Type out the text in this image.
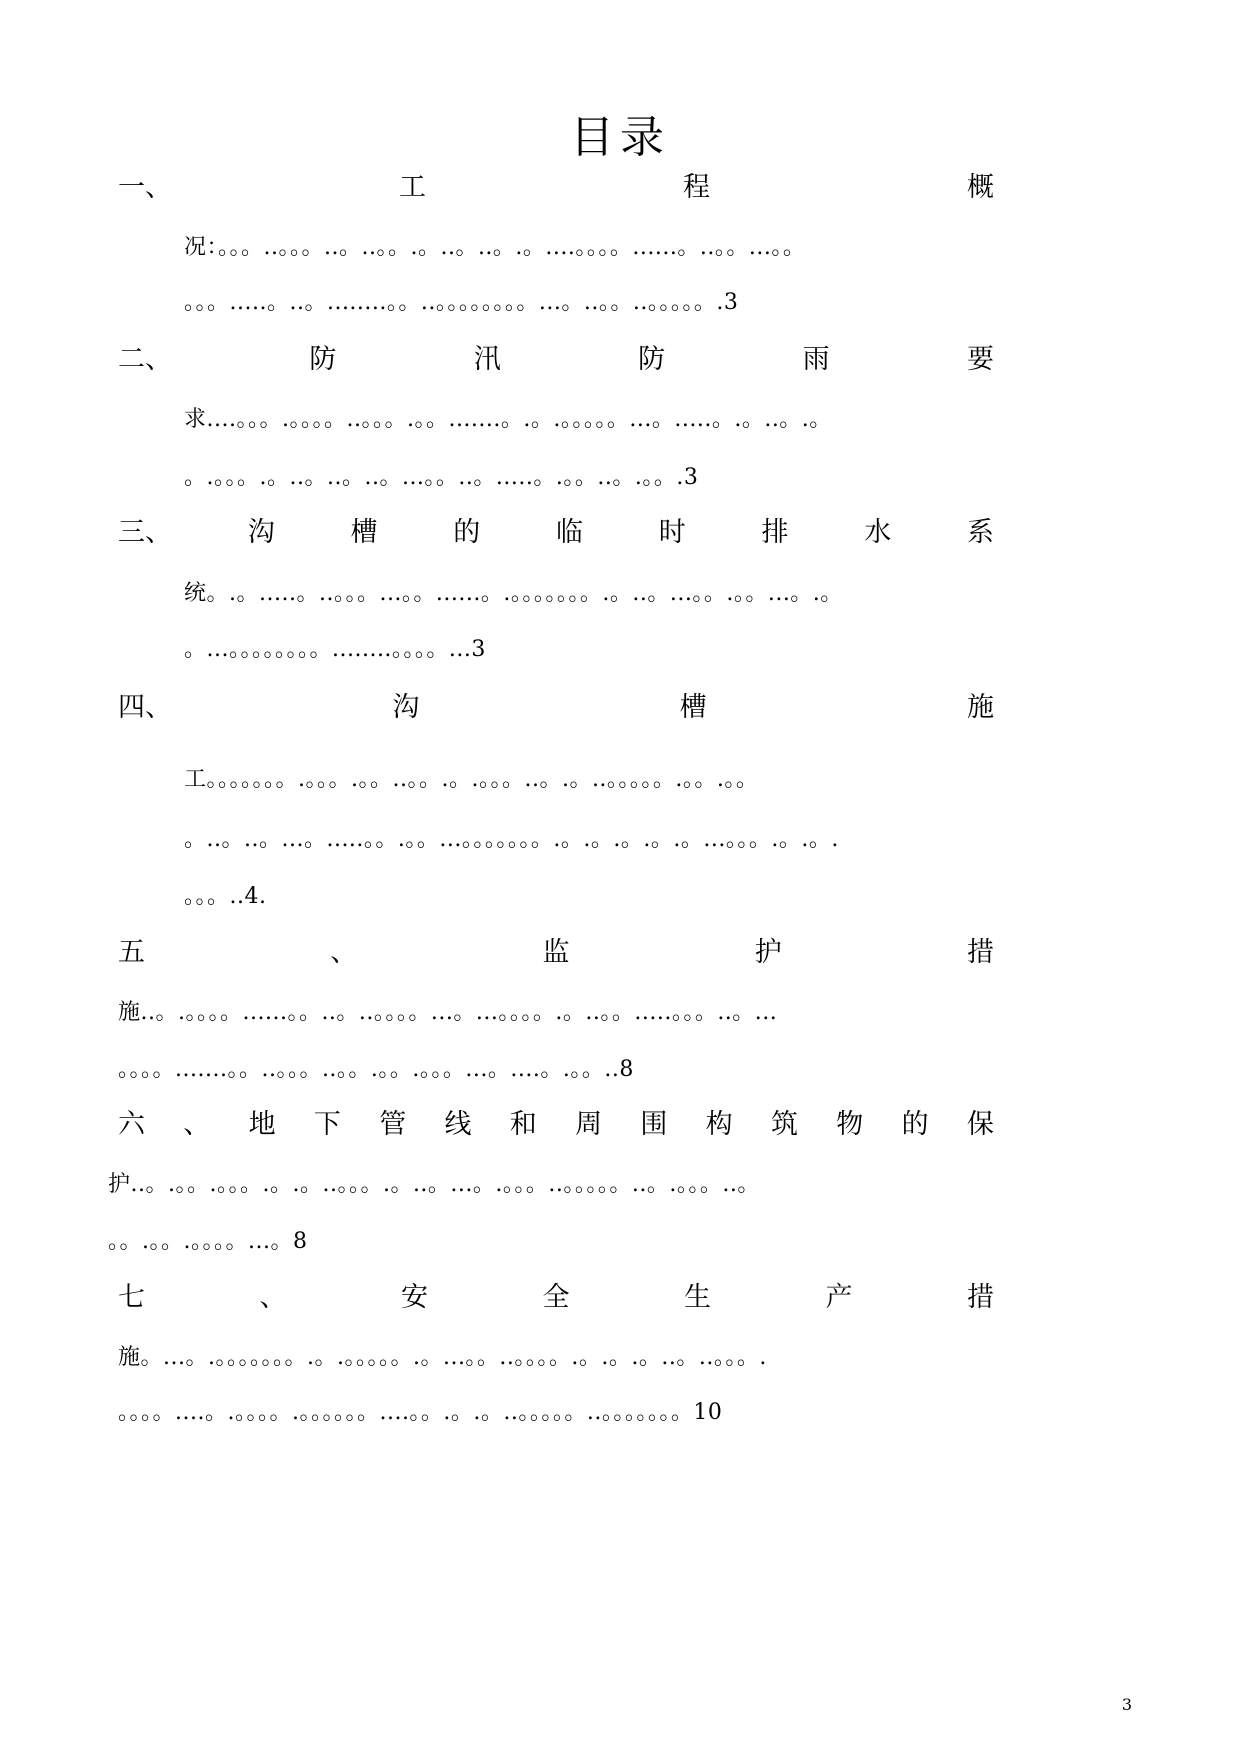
目录
一、	工	程	概
况：。。。..。。。..。..。。.。..。..。.。....。。。。......。..。。...。。
。。。.....。..。........。。..。。。。。。。。...。..。。..。。。。。.3
二、	防	汛	防	雨	要
求....。。。.。。。。..。。。.。。.......。.。.。。。。。...。.....。.。..。.。
。.。。。.。..。..。..。...。。..。.....。.。。..。.。。.3
三、	沟	槽	的	临	时	排	水	系
统。.。.....。..。。。...。。......。.。。。。。。。.。..。...。。.。。...。.。
。...。。。。。。。。........。。。。...3
四、	沟	槽	施
工。。。。。。。.。。。.。。..。。.。.。。。..。.。..。。。。。.。。.。。
。..。..。...。.....。。.。。...。。。。。。。.。.。.。.。.。...。。。.。.。.
。。。..4.
五	、	监	护	措
施..。.。。。。......。。..。..。。。。...。...。。。。.。..。。.....。。。..。...
。。。。.......。。..。。。..。。.。。.。。。...。....。.。。..8
六 、 地 下 管 线 和 周 围 构 筑 物 的 保
护..。.。。.。。。.。.。..。。。.。..。...。.。。。..。。。。。..。.。。。..。
。。.。。.。。。。...。8
七	、	安	全	生	产	措
施。...。.。。。。。。。.。.。。。。。.。...。。..。。。。.。.。.。..。..。。。.
。。。。....。.。。。。.。。。。。。....。。.。.。..。。。。。..。。。。。。。10
3
